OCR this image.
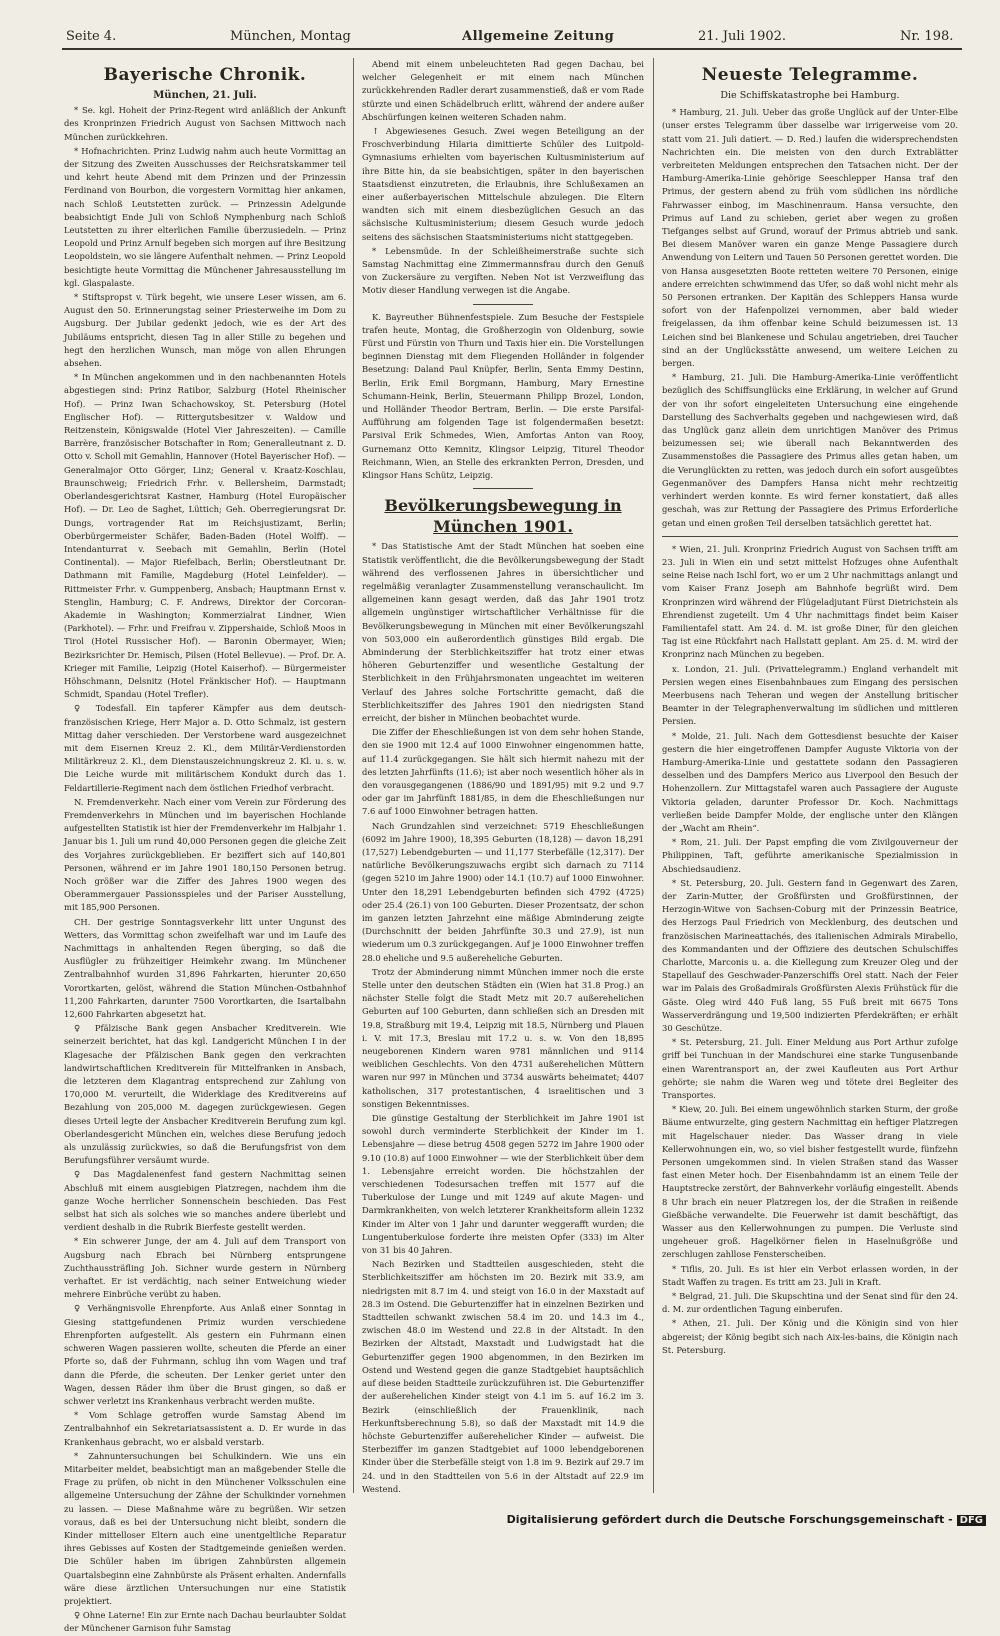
Seite 4.	München, Montag	Allgemeine Zeitung	21. Juli 1902.	Nr. 198.
Bayerische Chronik.
München, 21. Juli.

* Se. kgl. Hoheit der Prinz-Regent wird anläßlich der Ankunft des Kronprinzen Friedrich August von Sachsen Mittwoch nach München zurückkehren.

* Hofnachrichten. Prinz Ludwig nahm auch heute Vormittag an der Sitzung des Zweiten Ausschusses der Reichsratskammer teil und kehrt heute Abend mit dem Prinzen und der Prinzessin Ferdinand von Bourbon, die vorgestern Vormittag hier ankamen, nach Schloß Leutstetten zurück. — Prinzessin Adelgunde beabsichtigt Ende Juli von Schloß Nymphenburg nach Schloß Leutstetten zu ihrer elterlichen Familie überzusiedeln. — Prinz Leopold und Prinz Arnulf begeben sich morgen auf ihre Besitzung Leopoldstein, wo sie längere Aufenthalt nehmen. — Prinz Leopold besichtigte heute Vormittag die Münchener Jahresausstellung im kgl. Glaspalaste.

* Stiftspropst v. Türk begeht, wie unsere Leser wissen, am 6. August den 50. Erinnerungstag seiner Priesterweihe im Dom zu Augsburg. Der Jubilar gedenkt jedoch, wie es der Art des Jubiläums entspricht, diesen Tag in aller Stille zu begehen und hegt den herzlichen Wunsch, man möge von allen Ehrungen absehen.

* In München angekommen und in den nachbenannten Hotels abgestiegen sind: Prinz Ratibor, Salzburg (Hotel Rheinischer Hof). — Prinz Iwan Schachowskoy, St. Petersburg (Hotel Englischer Hof). — Rittergutsbesitzer v. Waldow und Reitzenstein, Königswalde (Hotel Vier Jahreszeiten). — Camille Barrère, französischer Botschafter in Rom; Generalleutnant z. D. Otto v. Scholl mit Gemahlin, Hannover (Hotel Bayerischer Hof). — Generalmajor Otto Görger, Linz; General v. Kraatz-Koschlau, Braunschweig; Friedrich Frhr. v. Bellersheim, Darmstadt; Oberlandesgerichtsrat Kastner, Hamburg (Hotel Europäischer Hof). — Dr. Leo de Saghet, Lüttich; Geh. Oberregierungsrat Dr. Dungs, vortragender Rat im Reichsjustizamt, Berlin; Oberbürgermeister Schäfer, Baden-Baden (Hotel Wolff). — Intendanturrat v. Seebach mit Gemahlin, Berlin (Hotel Continental). — Major Riefelbach, Berlin; Oberstleutnant Dr. Dathmann mit Familie, Magdeburg (Hotel Leinfelder). — Rittmeister Frhr. v. Gumppenberg, Ansbach; Hauptmann Ernst v. Stenglin, Hamburg; C. F. Andrews, Direktor der Corcoran-Akademie in Washington; Kommerzialrat Lindner, Wien (Parkhotel). — Frhr. und Freifrau v. Zippershaide, Schloß Moos in Tirol (Hotel Russischer Hof). — Baronin Obermayer, Wien; Bezirksrichter Dr. Hemisch, Pilsen (Hotel Bellevue). — Prof. Dr. A. Krieger mit Familie, Leipzig (Hotel Kaiserhof). — Bürgermeister Höhschmann, Delsnitz (Hotel Fränkischer Hof). — Hauptmann Schmidt, Spandau (Hotel Trefler).

♀ Todesfall. Ein tapferer Kämpfer aus dem deutsch-französischen Kriege, Herr Major a. D. Otto Schmalz, ist gestern Mittag daher verschieden. Der Verstorbene ward ausgezeichnet mit dem Eisernen Kreuz 2. Kl., dem Militär-Verdienstorden Militärkreuz 2. Kl., dem Dienstauszeichnungskreuz 2. Kl. u. s. w. Die Leiche wurde mit militärischem Kondukt durch das 1. Feldartillerie-Regiment nach dem östlichen Friedhof verbracht.

N. Fremdenverkehr. Nach einer vom Verein zur Förderung des Fremdenverkehrs in München und im bayerischen Hochlande aufgestellten Statistik ist hier der Fremdenverkehr im Halbjahr 1. Januar bis 1. Juli um rund 40,000 Personen gegen die gleiche Zeit des Vorjahres zurückgeblieben. Er beziffert sich auf 140,801 Personen, während er im Jahre 1901 180,150 Personen betrug. Noch größer war die Ziffer des Jahres 1900 wegen des Oberammergauer Passionsspieles und der Pariser Ausstellung, mit 185,900 Personen.

CH. Der gestrige Sonntagsverkehr litt unter Ungunst des Wetters, das Vormittag schon zweifelhaft war und im Laufe des Nachmittags in anhaltenden Regen überging, so daß die Ausflügler zu frühzeitiger Heimkehr zwang. Im Münchener Zentralbahnhof wurden 31,896 Fahrkarten, hierunter 20,650 Vorortkarten, gelöst, während die Station München-Ostbahnhof 11,200 Fahrkarten, darunter 7500 Vorortkarten, die Isartalbahn 12,600 Fahrkarten abgesetzt hat.

♀ Pfälzische Bank gegen Ansbacher Kreditverein. Wie seinerzeit berichtet, hat das kgl. Landgericht München I in der Klagesache der Pfälzischen Bank gegen den verkrachten landwirtschaftlichen Kreditverein für Mittelfranken in Ansbach, die letzteren dem Klagantrag entsprechend zur Zahlung von 170,000 M. verurteilt, die Widerklage des Kreditvereins auf Bezahlung von 205,000 M. dagegen zurückgewiesen. Gegen dieses Urteil legte der Ansbacher Kreditverein Berufung zum kgl. Oberlandesgericht München ein, welches diese Berufung jedoch als unzulässig zurückwies, so daß die Berufungsfrist von dem Berufungsführer versäumt wurde.

♀ Das Magdalenenfest fand gestern Nachmittag seinen Abschluß mit einem ausgiebigen Platzregen, nachdem ihm die ganze Woche herrlicher Sonnenschein beschieden. Das Fest selbst hat sich als solches wie so manches andere überlebt und verdient deshalb in die Rubrik Bierfeste gestellt werden.

* Ein schwerer Junge, der am 4. Juli auf dem Transport von Augsburg nach Ebrach bei Nürnberg entsprungene Zuchthaussträfling Joh. Sichner wurde gestern in Nürnberg verhaftet. Er ist verdächtig, nach seiner Entweichung wieder mehrere Einbrüche verübt zu haben.

♀ Verhängnisvolle Ehrenpforte. Aus Anlaß einer Sonntag in Giesing stattgefundenen Primiz wurden verschiedene Ehrenpforten aufgestellt. Als gestern ein Fuhrmann einen schweren Wagen passieren wollte, scheuten die Pferde an einer Pforte so, daß der Fuhrmann, schlug ihn vom Wagen und traf dann die Pferde, die scheuten. Der Lenker geriet unter den Wagen, dessen Räder ihm über die Brust gingen, so daß er schwer verletzt ins Krankenhaus verbracht werden mußte.

* Vom Schlage getroffen wurde Samstag Abend im Zentralbahnhof ein Sekretariatsassistent a. D. Er wurde in das Krankenhaus gebracht, wo er alsbald verstarb.

* Zahnuntersuchungen bei Schulkindern. Wie uns ein Mitarbeiter meldet, beabsichtigt man an maßgebender Stelle die Frage zu prüfen, ob nicht in den Münchener Volksschulen eine allgemeine Untersuchung der Zähne der Schulkinder vornehmen zu lassen. — Diese Maßnahme wäre zu begrüßen. Wir setzen voraus, daß es bei der Untersuchung nicht bleibt, sondern die Kinder mittelloser Eltern auch eine unentgeltliche Reparatur ihres Gebisses auf Kosten der Stadtgemeinde genießen werden. Die Schüler haben im übrigen Zahnbürsten allgemein Quartalsbeginn eine Zahnbürste als Präsent erhalten. Andernfalls wäre diese ärztlichen Untersuchungen nur eine Statistik projektiert.

♀ Ohne Laterne! Ein zur Ernte nach Dachau beurlaubter Soldat der Münchener Garnison fuhr Samstag

Abend mit einem unbeleuchteten Rad gegen Dachau, bei welcher Gelegenheit er mit einem nach München zurückkehrenden Radler derart zusammenstieß, daß er vom Rade stürzte und einen Schädelbruch erlitt, während der andere außer Abschürfungen keinen weiteren Schaden nahm.

↑ Abgewiesenes Gesuch. Zwei wegen Beteiligung an der Froschverbindung Hilaria dimittierte Schüler des Luitpold-Gymnasiums erhielten vom bayerischen Kultusministerium auf ihre Bitte hin, da sie beabsichtigen, später in den bayerischen Staatsdienst einzutreten, die Erlaubnis, ihre Schlußexamen an einer außerbayerischen Mittelschule abzulegen. Die Eltern wandten sich mit einem diesbezüglichen Gesuch an das sächsische Kultusministerium; diesem Gesuch wurde jedoch seitens des sächsischen Staatsministeriums nicht stattgegeben.

* Lebensmüde. In der Schleißheimerstraße suchte sich Samstag Nachmittag eine Zimmermannsfrau durch den Genuß von Zuckersäure zu vergiften. Neben Not ist Verzweiflung das Motiv dieser Handlung verwegen ist die Angabe.

K. Bayreuther Bühnenfestspiele. Zum Besuche der Festspiele trafen heute, Montag, die Großherzogin von Oldenburg, sowie Fürst und Fürstin von Thurn und Taxis hier ein. Die Vorstellungen beginnen Dienstag mit dem Fliegenden Holländer in folgender Besetzung: Daland Paul Knüpfer, Berlin, Senta Emmy Destinn, Berlin, Erik Emil Borgmann, Hamburg, Mary Ernestine Schumann-Heink, Berlin, Steuermann Philipp Brozel, London, und Holländer Theodor Bertram, Berlin. — Die erste Parsifal-Aufführung am folgenden Tage ist folgendermaßen besetzt: Parsival Erik Schmedes, Wien, Amfortas Anton van Rooy, Gurnemanz Otto Kemnitz, Klingsor Leipzig, Titurel Theodor Reichmann, Wien, an Stelle des erkrankten Perron, Dresden, und Klingsor Hans Schütz, Leipzig.

Bevölkerungsbewegung in München 1901.

* Das Statistische Amt der Stadt München hat soeben eine Statistik veröffentlicht, die die Bevölkerungsbewegung der Stadt während des verflossenen Jahres in übersichtlicher und regelmäßig veranlagter Zusammenstellung veranschaulicht. Im allgemeinen kann gesagt werden, daß das Jahr 1901 trotz allgemein ungünstiger wirtschaftlicher Verhältnisse für die Bevölkerungsbewegung in München mit einer Bevölkerungszahl von 503,000 ein außerordentlich günstiges Bild ergab. Die Abminderung der Sterblichkeitsziffer hat trotz einer etwas höheren Geburtenziffer und wesentliche Gestaltung der Sterblichkeit in den Frühjahrsmonaten ungeachtet im weiteren Verlauf des Jahres solche Fortschritte gemacht, daß die Sterblichkeitsziffer des Jahres 1901 den niedrigsten Stand erreicht, der bisher in München beobachtet wurde.

Die Ziffer der Eheschließungen ist von dem sehr hohen Stande, den sie 1900 mit 12.4 auf 1000 Einwohner eingenommen hatte, auf 11.4 zurückgegangen. Sie hält sich hiermit nahezu mit der des letzten Jahrfünfts (11.6); ist aber noch wesentlich höher als in den vorausgegangenen (1886/90 und 1891/95) mit 9.2 und 9.7 oder gar im Jahrfünft 1881/85, in dem die Eheschließungen nur 7.6 auf 1000 Einwohner betragen hatten.

Nach Grundzahlen sind verzeichnet: 5719 Eheschließungen (6092 im Jahre 1900), 18,395 Geburten (18,128) — davon 18,291 (17,527) Lebendgeburten — und 11,177 Sterbefälle (12,317). Der natürliche Bevölkerungszuwachs ergibt sich darnach zu 7114 (gegen 5210 im Jahre 1900) oder 14.1 (10.7) auf 1000 Einwohner. Unter den 18,291 Lebendgeburten befinden sich 4792 (4725) oder 25.4 (26.1) von 100 Geburten. Dieser Prozentsatz, der schon im ganzen letzten Jahrzehnt eine mäßige Abminderung zeigte (Durchschnitt der beiden Jahrfünfte 30.3 und 27.9), ist nun wiederum um 0.3 zurückgegangen. Auf je 1000 Einwohner treffen 28.0 eheliche und 9.5 außereheliche Geburten.

Trotz der Abminderung nimmt München immer noch die erste Stelle unter den deutschen Städten ein (Wien hat 31.8 Prog.) an nächster Stelle folgt die Stadt Metz mit 20.7 außerehelichen Geburten auf 100 Geburten, dann schließen sich an Dresden mit 19.8, Straßburg mit 19.4, Leipzig mit 18.5, Nürnberg und Plauen i. V. mit 17.3, Breslau mit 17.2 u. s. w. Von den 18,895 neugeborenen Kindern waren 9781 männlichen und 9114 weiblichen Geschlechts. Von den 4731 außerehelichen Müttern waren nur 997 in München und 3734 auswärts beheimatet; 4407 katholischen, 317 protestantischen, 4 israelitischen und 3 sonstigen Bekenntnisses.

Die günstige Gestaltung der Sterblichkeit im Jahre 1901 ist sowohl durch verminderte Sterblichkeit der Kinder im 1. Lebensjahre — diese betrug 4508 gegen 5272 im Jahre 1900 oder 9.10 (10.8) auf 1000 Einwohner — wie der Sterblichkeit über dem 1. Lebensjahre erreicht worden. Die höchstzahlen der verschiedenen Todesursachen treffen mit 1577 auf die Tuberkulose der Lunge und mit 1249 auf akute Magen- und Darmkrankheiten, von welch letzterer Krankheitsform allein 1232 Kinder im Alter von 1 Jahr und darunter weggerafft wurden; die Lungentuberkulose forderte ihre meisten Opfer (333) im Alter von 31 bis 40 Jahren.

Nach Bezirken und Stadtteilen ausgeschieden, steht die Sterblichkeitsziffer am höchsten im 20. Bezirk mit 33.9, am niedrigsten mit 8.7 im 4. und steigt von 16.0 in der Maxstadt auf 28.3 im Ostend. Die Geburtenziffer hat in einzelnen Bezirken und Stadtteilen schwankt zwischen 58.4 im 20. und 14.3 im 4., zwischen 48.0 im Westend und 22.8 in der Altstadt. In den Bezirken der Altstadt, Maxstadt und Ludwigstadt hat die Geburtenziffer gegen 1900 abgenommen, in den Bezirken im Ostend und Westend gegen die ganze Stadtgebiet hauptsächlich auf diese beiden Stadtteile zurückzuführen ist. Die Geburtenziffer der außerehelichen Kinder steigt von 4.1 im 5. auf 16.2 im 3. Bezirk (einschließlich der Frauenklinik, nach Herkunftsberechnung 5.8), so daß der Maxstadt mit 14.9 die höchste Geburtenziffer außerehelicher Kinder — aufweist. Die Sterbeziffer im ganzen Stadtgebiet auf 1000 lebendgeborenen Kinder über die Sterbefälle steigt von 1.8 im 9. Bezirk auf 29.7 im 24. und in den Stadtteilen von 5.6 in der Altstadt auf 22.9 im Westend.

Neueste Telegramme.
Die Schiffskatastrophe bei Hamburg.

* Hamburg, 21. Juli. Ueber das große Unglück auf der Unter-Elbe (unser erstes Telegramm über dasselbe war irrigerweise vom 20. statt vom 21. Juli datiert. — D. Red.) laufen die widersprechendsten Nachrichten ein. Die meisten von den durch Extrablätter verbreiteten Meldungen entsprechen den Tatsachen nicht. Der der Hamburg-Amerika-Linie gehörige Seeschlepper Hansa traf den Primus, der gestern abend zu früh vom südlichen ins nördliche Fahrwasser einbog, im Maschinenraum. Hansa versuchte, den Primus auf Land zu schieben, geriet aber wegen zu großen Tiefganges selbst auf Grund, worauf der Primus abtrieb und sank. Bei diesem Manöver waren ein ganze Menge Passagiere durch Anwendung von Leitern und Tauen 50 Personen gerettet worden. Die von Hansa ausgesetzten Boote retteten weitere 70 Personen, einige andere erreichten schwimmend das Ufer, so daß wohl nicht mehr als 50 Personen ertranken. Der Kapitän des Schleppers Hansa wurde sofort von der Hafenpolizei vernommen, aber bald wieder freigelassen, da ihm offenbar keine Schuld beizumessen ist. 13 Leichen sind bei Blankenese und Schulau angetrieben, drei Taucher sind an der Unglücksstätte anwesend, um weitere Leichen zu bergen.

* Hamburg, 21. Juli. Die Hamburg-Amerika-Linie veröffentlicht bezüglich des Schiffsunglücks eine Erklärung, in welcher auf Grund der von ihr sofort eingeleiteten Untersuchung eine eingehende Darstellung des Sachverhalts gegeben und nachgewiesen wird, daß das Unglück ganz allein dem unrichtigen Manöver des Primus beizumessen sei; wie überall nach Bekanntwerden des Zusammenstoßes die Passagiere des Primus alles getan haben, um die Verunglückten zu retten, was jedoch durch ein sofort ausgeübtes Gegenmanöver des Dampfers Hansa nicht mehr rechtzeitig verhindert werden konnte. Es wird ferner konstatiert, daß alles geschah, was zur Rettung der Passagiere des Primus Erforderliche getan und einen großen Teil derselben tatsächlich gerettet hat.

* Wien, 21. Juli. Kronprinz Friedrich August von Sachsen trifft am 23. Juli in Wien ein und setzt mittelst Hofzuges ohne Aufenthalt seine Reise nach Ischl fort, wo er um 2 Uhr nachmittags anlangt und vom Kaiser Franz Joseph am Bahnhofe begrüßt wird. Dem Kronprinzen wird während der Flügeladjutant Fürst Dietrichstein als Ehrendienst zugeteilt. Um 4 Uhr nachmittags findet beim Kaiser Familientafel statt. Am 24. d. M. ist große Diner, für den gleichen Tag ist eine Rückfahrt nach Hallstatt geplant. Am 25. d. M. wird der Kronprinz nach München zu begeben.

x. London, 21. Juli. (Privattelegramm.) England verhandelt mit Persien wegen eines Eisenbahnbaues zum Eingang des persischen Meerbusens nach Teheran und wegen der Anstellung britischer Beamter in der Telegraphenverwaltung im südlichen und mittleren Persien.

* Molde, 21. Juli. Nach dem Gottesdienst besuchte der Kaiser gestern die hier eingetroffenen Dampfer Auguste Viktoria von der Hamburg-Amerika-Linie und gestattete sodann den Passagieren desselben und des Dampfers Merico aus Liverpool den Besuch der Hohenzollern. Zur Mittagstafel waren auch Passagiere der Auguste Viktoria geladen, darunter Professor Dr. Koch. Nachmittags verließen beide Dampfer Molde, der englische unter den Klängen der „Wacht am Rhein“.

* Rom, 21. Juli. Der Papst empfing die vom Zivilgouverneur der Philippinen, Taft, geführte amerikanische Spezialmission in Abschiedsaudienz.

* St. Petersburg, 20. Juli. Gestern fand in Gegenwart des Zaren, der Zarin-Mutter, der Großfürsten und Großfürstinnen, der Herzogin-Witwe von Sachsen-Coburg mit der Prinzessin Beatrice, des Herzogs Paul Friedrich von Mecklenburg, des deutschen und französischen Marineattachés, des italienischen Admirals Mirabello, des Kommandanten und der Offiziere des deutschen Schulschiffes Charlotte, Marconis u. a. die Kiellegung zum Kreuzer Oleg und der Stapellauf des Geschwader-Panzerschiffs Orel statt. Nach der Feier war im Palais des Großadmirals Großfürsten Alexis Frühstück für die Gäste. Oleg wird 440 Fuß lang, 55 Fuß breit mit 6675 Tons Wasserverdrängung und 19,500 indizierten Pferdekräften; er erhält 30 Geschütze.

* St. Petersburg, 21. Juli. Einer Meldung aus Port Arthur zufolge griff bei Tunchuan in der Mandschurei eine starke Tungusenbande einen Warentransport an, der zwei Kaufleuten aus Port Arthur gehörte; sie nahm die Waren weg und tötete drei Begleiter des Transportes.

* Kiew, 20. Juli. Bei einem ungewöhnlich starken Sturm, der große Bäume entwurzelte, ging gestern Nachmittag ein heftiger Platzregen mit Hagelschauer nieder. Das Wasser drang in viele Kellerwohnungen ein, wo, so viel bisher festgestellt wurde, fünfzehn Personen umgekommen sind. In vielen Straßen stand das Wasser fast einen Meter hoch. Der Eisenbahndamm ist an einem Teile der Hauptstrecke zerstört, der Bahnverkehr vorläufig eingestellt. Abends 8 Uhr brach ein neuer Platzregen los, der die Straßen in reißende Gießbäche verwandelte. Die Feuerwehr ist damit beschäftigt, das Wasser aus den Kellerwohnungen zu pumpen. Die Verluste sind ungeheuer groß. Hagelkörner fielen in Haselnußgröße und zerschlugen zahllose Fensterscheiben.

* Tiflis, 20. Juli. Es ist hier ein Verbot erlassen worden, in der Stadt Waffen zu tragen. Es tritt am 23. Juli in Kraft.

* Belgrad, 21. Juli. Die Skupschtina und der Senat sind für den 24. d. M. zur ordentlichen Tagung einberufen.

* Athen, 21. Juli. Der König und die Königin sind von hier abgereist; der König begibt sich nach Aix-les-bains, die Königin nach St. Petersburg.

Digitalisierung gefördert durch die Deutsche Forschungsgemeinschaft - DFG
